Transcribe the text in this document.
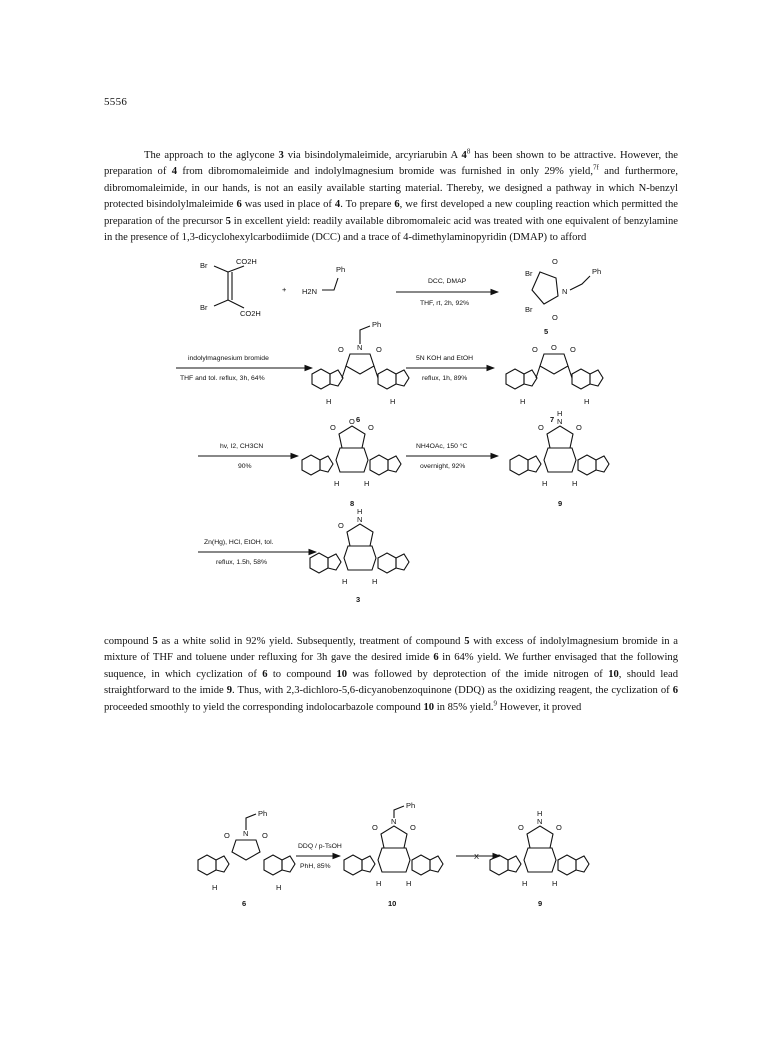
5556

The approach to the aglycone 3 via bisindolymaleimide, arcyriarubin A $4^8$ has been shown to be attractive. However, the preparation of 4 from dibromomaleimide and indolylmagnesium bromide was furnished in only 29% yield,$^{7f}$ and furthermore, dibromomaleimide, in our hands, is not an easily available starting material. Thereby, we designed a pathway in which N-benzyl protected bisindolylmaleimide 6 was used in place of 4. To prepare 6, we first developed a new coupling reaction which permitted the preparation of the precursor 5 in excellent yield: readily available dibromomaleic acid was treated with one equivalent of benzylamine in the presence of 1,3-dicyclohexylcarbodiimide (DCC) and a trace of 4-dimethylaminopyridin (DMAP) to afford

Br	CO2H
Br
CO2H
+ H2N
Ph
DCC, DMAP
THF, rt, 2h, 92%
Br
Br
N
O
O
Ph
5
indolylmagnesium bromide
THF and tol. reflux, 3h, 64%
O	O
N
Ph
H	H
6
5N KOH and EtOH
reflux, 1h, 89%
O O O
H	H
7
hv, I2, CH3CN
90%
O
O
O
H	H
8
NH4OAc, 150 °C
overnight, 92%
O
N
H
O
H	H
9
Zn(Hg), HCl, EtOH, tol.
reflux, 1.5h, 58%
O
N
H
H	H
3

compound 5 as a white solid in 92% yield. Subsequently, treatment of compound 5 with excess of indolylmagnesium bromide in a mixture of THF and toluene under refluxing for 3h gave the desired imide 6 in 64% yield. We further envisaged that the following suquence, in which cyclization of 6 to compound 10 was followed by deprotection of the imide nitrogen of 10, should lead straightforward to the imide 9. Thus, with 2,3-dichloro-5,6-dicyanobenzoquinone (DDQ) as the oxidizing reagent, the cyclization of 6 proceeded smoothly to yield the corresponding indolocarbazole compound 10 in 85% yield.$^9$ However, it proved

O N O
Ph
H	H
6
DDQ / p-TsOH
PhH, 85%
O
N
O
Ph
H	H
10
X
O
N
H
O
H	H
9
